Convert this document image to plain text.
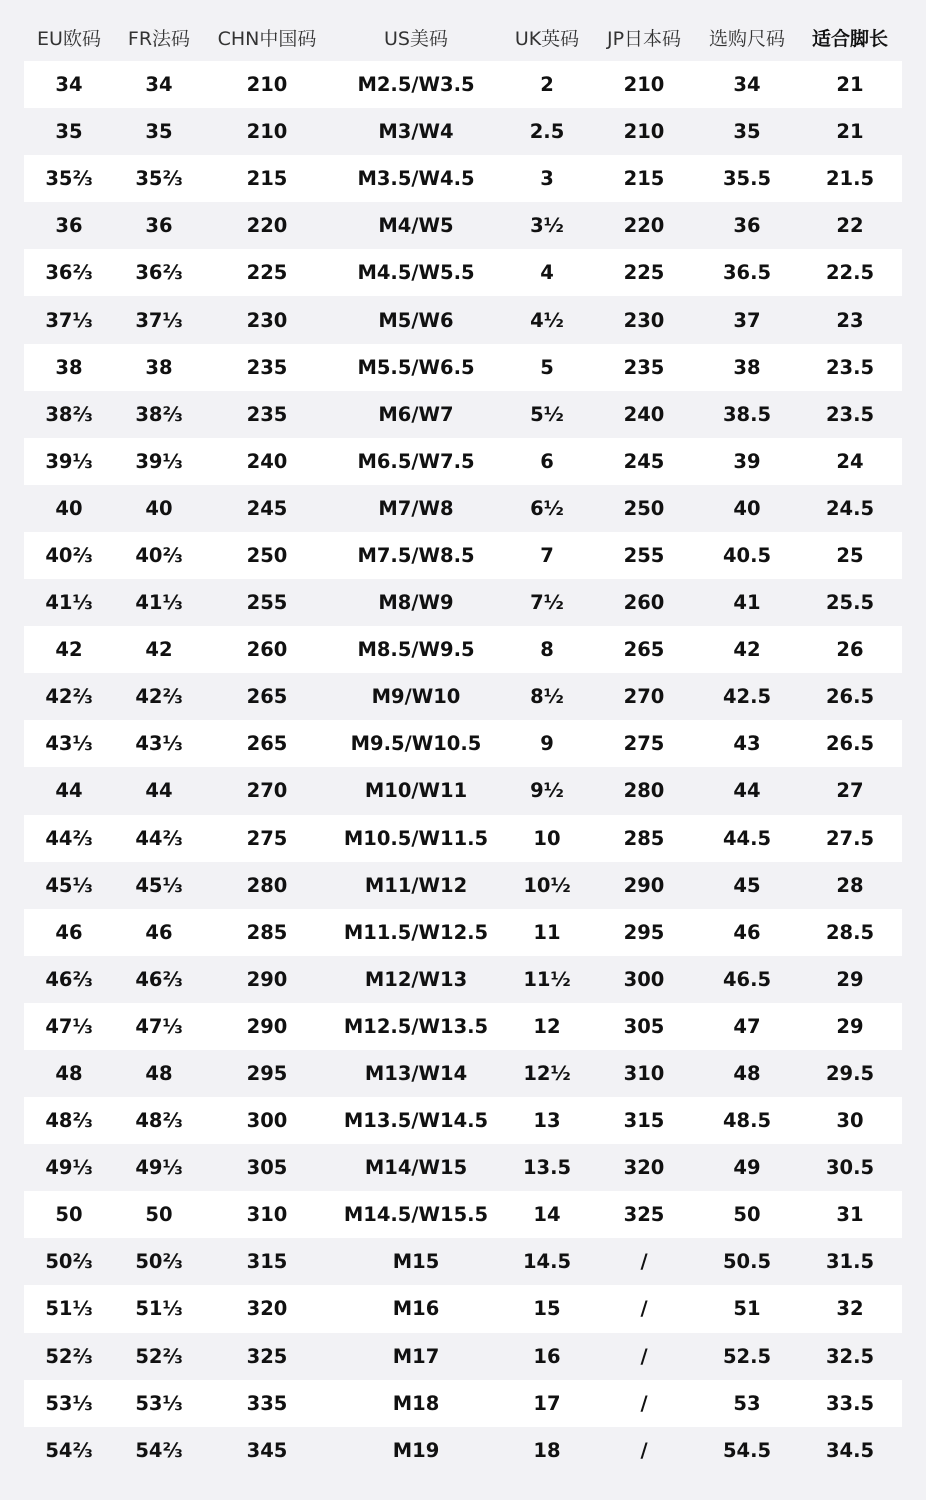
EU欧码	FR法码	CHN中国码	US美码	UK英码	JP日本码	选购尺码	适合脚长
34	34	210	M2.5/W3.5	2	210	34	21
35	35	210	M3/W4	2.5	210	35	21
35⅔	35⅔	215	M3.5/W4.5	3	215	35.5	21.5
36	36	220	M4/W5	3½	220	36	22
36⅔	36⅔	225	M4.5/W5.5	4	225	36.5	22.5
37⅓	37⅓	230	M5/W6	4½	230	37	23
38	38	235	M5.5/W6.5	5	235	38	23.5
38⅔	38⅔	235	M6/W7	5½	240	38.5	23.5
39⅓	39⅓	240	M6.5/W7.5	6	245	39	24
40	40	245	M7/W8	6½	250	40	24.5
40⅔	40⅔	250	M7.5/W8.5	7	255	40.5	25
41⅓	41⅓	255	M8/W9	7½	260	41	25.5
42	42	260	M8.5/W9.5	8	265	42	26
42⅔	42⅔	265	M9/W10	8½	270	42.5	26.5
43⅓	43⅓	265	M9.5/W10.5	9	275	43	26.5
44	44	270	M10/W11	9½	280	44	27
44⅔	44⅔	275	M10.5/W11.5	10	285	44.5	27.5
45⅓	45⅓	280	M11/W12	10½	290	45	28
46	46	285	M11.5/W12.5	11	295	46	28.5
46⅔	46⅔	290	M12/W13	11½	300	46.5	29
47⅓	47⅓	290	M12.5/W13.5	12	305	47	29
48	48	295	M13/W14	12½	310	48	29.5
48⅔	48⅔	300	M13.5/W14.5	13	315	48.5	30
49⅓	49⅓	305	M14/W15	13.5	320	49	30.5
50	50	310	M14.5/W15.5	14	325	50	31
50⅔	50⅔	315	M15	14.5	/	50.5	31.5
51⅓	51⅓	320	M16	15	/	51	32
52⅔	52⅔	325	M17	16	/	52.5	32.5
53⅓	53⅓	335	M18	17	/	53	33.5
54⅔	54⅔	345	M19	18	/	54.5	34.5
